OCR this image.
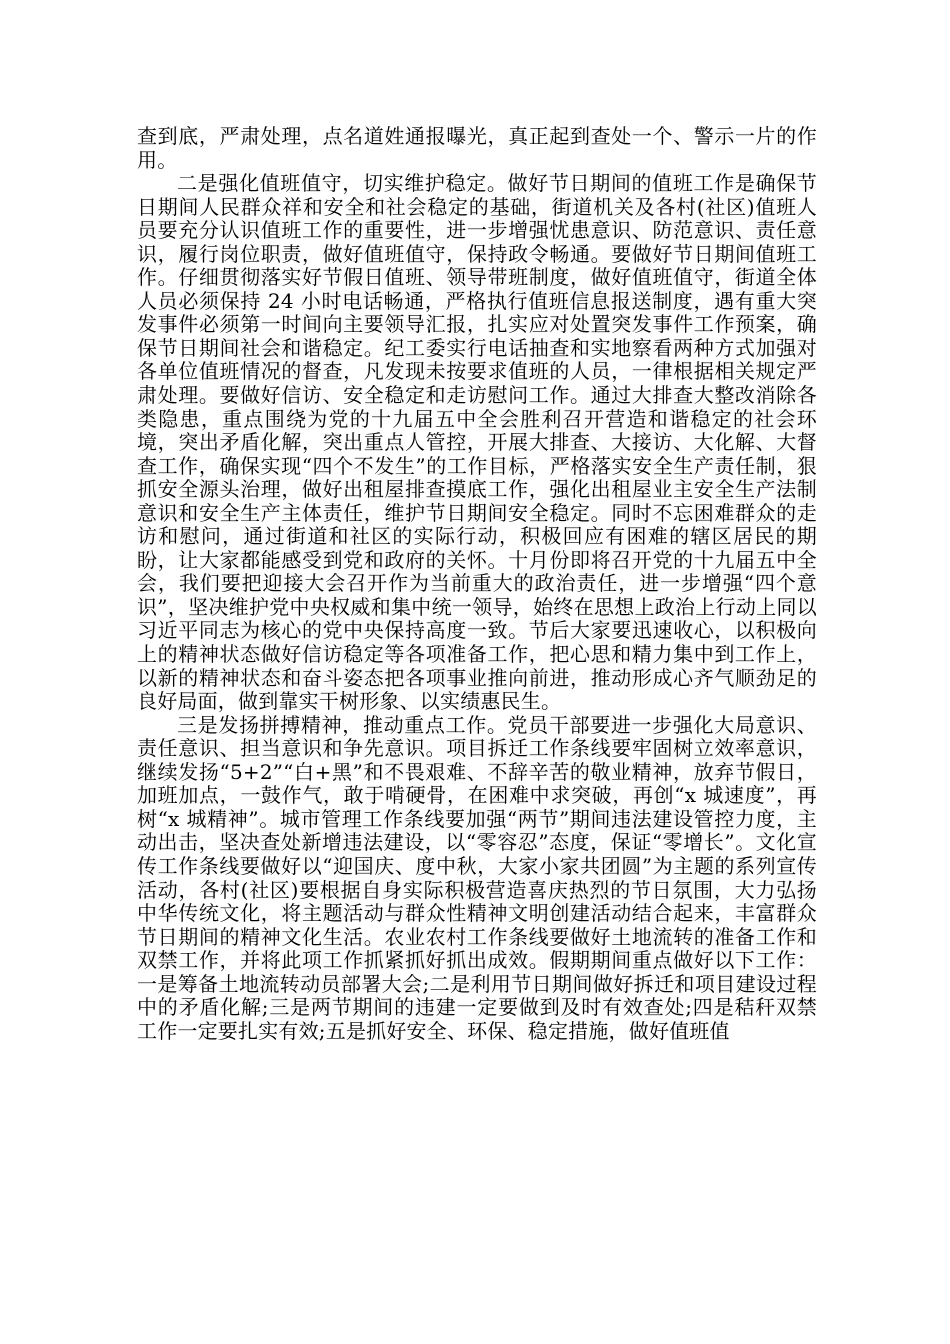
查到底，严肃处理，点名道姓通报曝光，真正起到查处一个、警示一片的作用。

二是强化值班值守，切实维护稳定。做好节日期间的值班工作是确保节日期间人民群众祥和安全和社会稳定的基础，街道机关及各村(社区)值班人员要充分认识值班工作的重要性，进一步增强忧患意识、防范意识、责任意识，履行岗位职责，做好值班值守，保持政令畅通。要做好节日期间值班工作。仔细贯彻落实好节假日值班、领导带班制度，做好值班值守，街道全体人员必须保持 24 小时电话畅通，严格执行值班信息报送制度，遇有重大突发事件必须第一时间向主要领导汇报，扎实应对处置突发事件工作预案，确保节日期间社会和谐稳定。纪工委实行电话抽查和实地察看两种方式加强对各单位值班情况的督查，凡发现未按要求值班的人员，一律根据相关规定严肃处理。要做好信访、安全稳定和走访慰问工作。通过大排查大整改消除各类隐患，重点围绕为党的十九届五中全会胜利召开营造和谐稳定的社会环境，突出矛盾化解，突出重点人管控，开展大排查、大接访、大化解、大督查工作，确保实现“四个不发生”的工作目标，严格落实安全生产责任制，狠抓安全源头治理，做好出租屋排查摸底工作，强化出租屋业主安全生产法制意识和安全生产主体责任，维护节日期间安全稳定。同时不忘困难群众的走访和慰问，通过街道和社区的实际行动，积极回应有困难的辖区居民的期盼，让大家都能感受到党和政府的关怀。十月份即将召开党的十九届五中全会，我们要把迎接大会召开作为当前重大的政治责任，进一步增强“四个意识”，坚决维护党中央权威和集中统一领导，始终在思想上政治上行动上同以习近平同志为核心的党中央保持高度一致。节后大家要迅速收心，以积极向上的精神状态做好信访稳定等各项准备工作，把心思和精力集中到工作上，以新的精神状态和奋斗姿态把各项事业推向前进，推动形成心齐气顺劲足的良好局面，做到靠实干树形象、以实绩惠民生。

三是发扬拼搏精神，推动重点工作。党员干部要进一步强化大局意识、责任意识、担当意识和争先意识。项目拆迁工作条线要牢固树立效率意识，继续发扬“5+2”“白+黑”和不畏艰难、不辞辛苦的敬业精神，放弃节假日，加班加点，一鼓作气，敢于啃硬骨，在困难中求突破，再创“x 城速度”，再树“x 城精神”。城市管理工作条线要加强“两节”期间违法建设管控力度，主动出击，坚决查处新增违法建设，以“零容忍”态度，保证“零增长”。文化宣传工作条线要做好以“迎国庆、度中秋，大家小家共团圆”为主题的系列宣传活动，各村(社区)要根据自身实际积极营造喜庆热烈的节日氛围，大力弘扬中华传统文化，将主题活动与群众性精神文明创建活动结合起来，丰富群众节日期间的精神文化生活。农业农村工作条线要做好土地流转的准备工作和双禁工作，并将此项工作抓紧抓好抓出成效。假期期间重点做好以下工作：一是筹备土地流转动员部署大会;二是利用节日期间做好拆迁和项目建设过程中的矛盾化解;三是两节期间的违建一定要做到及时有效查处;四是秸秆双禁工作一定要扎实有效;五是抓好安全、环保、稳定措施，做好值班值
